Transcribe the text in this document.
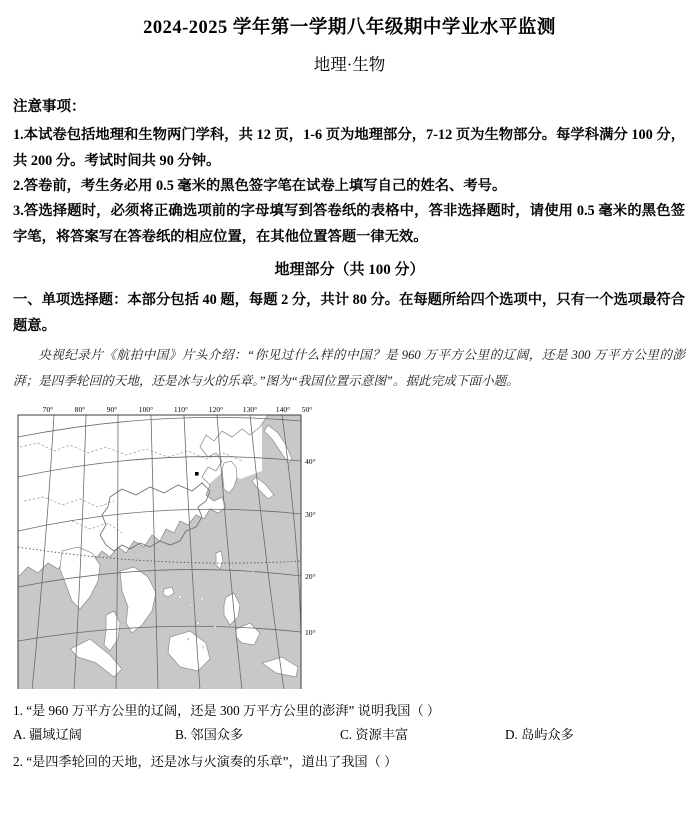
2024-2025 学年第一学期八年级期中学业水平监测
地理·生物
注意事项：

1.本试卷包括地理和生物两门学科，共 12 页，1-6 页为地理部分，7-12 页为生物部分。每学科满分 100 分，共 200 分。考试时间共 90 分钟。

2.答卷前，考生务必用 0.5 毫米的黑色签字笔在试卷上填写自己的姓名、考号。

3.答选择题时，必须将正确选项前的字母填写到答卷纸的表格中，答非选择题时，请使用 0.5 毫米的黑色签字笔，将答案写在答卷纸的相应位置，在其他位置答题一律无效。

地理部分（共 100 分）
一、单项选择题：本部分包括 40 题，每题 2 分，共计 80 分。在每题所给四个选项中，只有一个选项最符合题意。
央视纪录片《航拍中国》片头介绍：“你见过什么样的中国？是 960 万平方公里的辽阔，还是 300 万平方公里的澎湃；是四季轮回的天地，还是冰与火的乐章。”图为“我国位置示意图”。据此完成下面小题。
70°	80°	90°	100°	110°	120°	130° 140° 50°
40°
30°
20°
10°
1. “是 960 万平方公里的辽阔，还是 300 万平方公里的澎湃” 说明我国（ ）
A. 疆域辽阔	B. 邻国众多	C. 资源丰富	D. 岛屿众多
2. “是四季轮回的天地，还是冰与火演奏的乐章”，道出了我国（ ）
